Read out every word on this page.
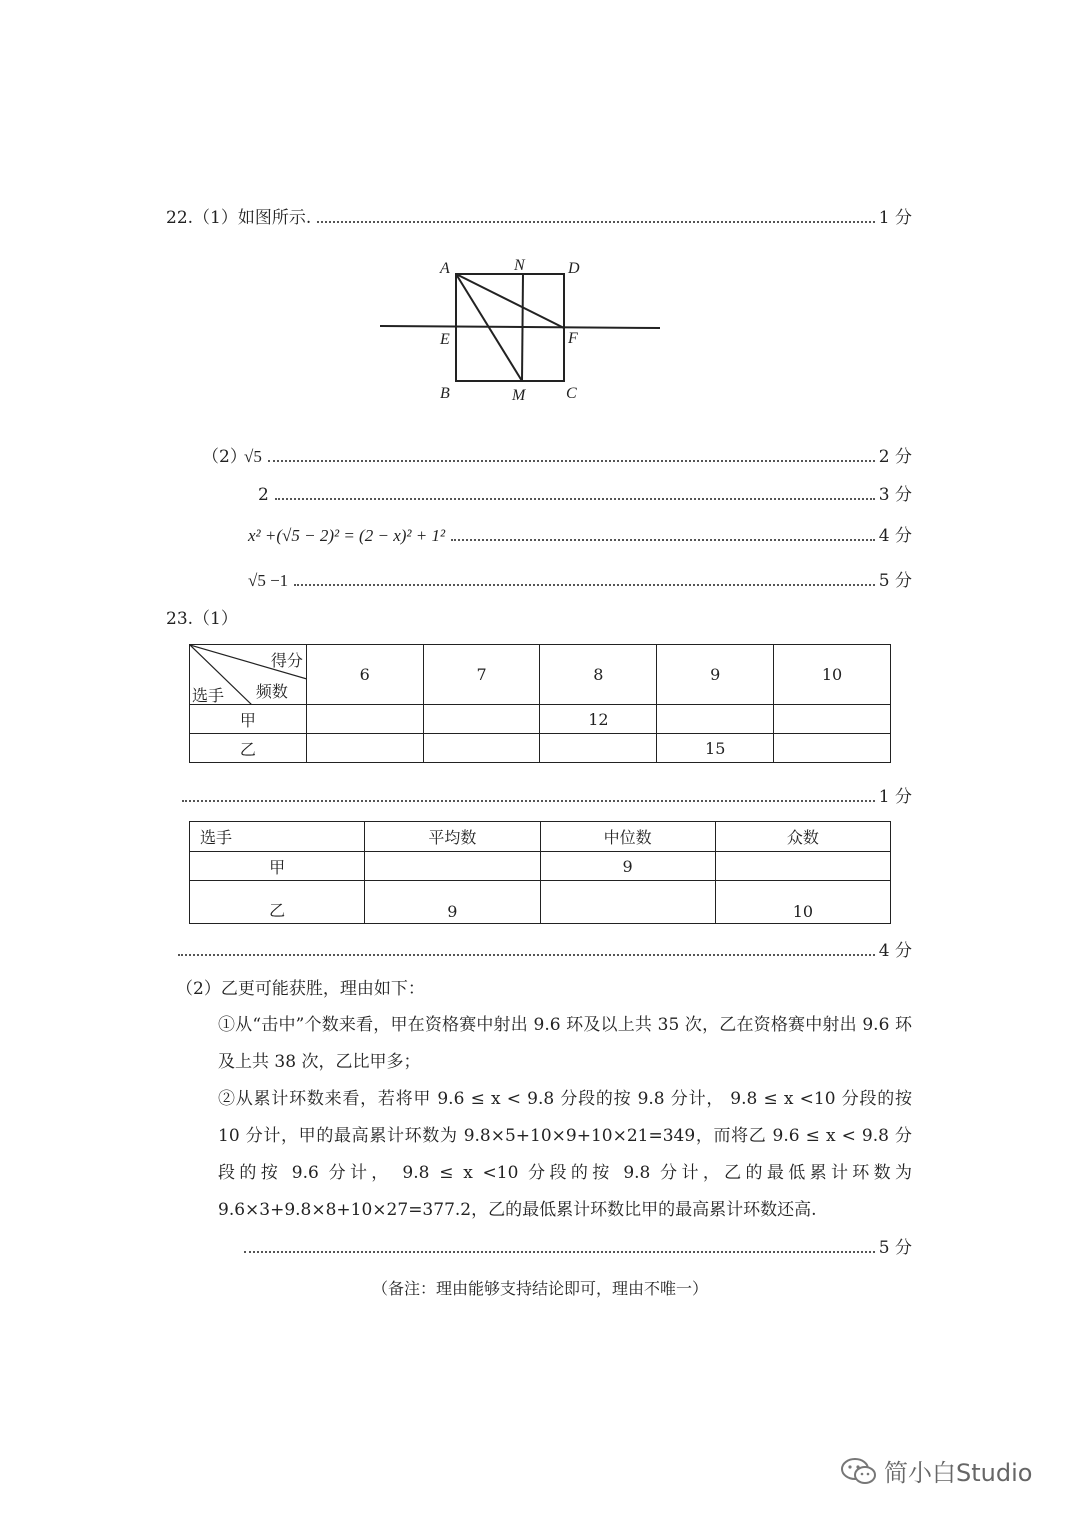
22.（1）如图所示.	1 分
A	N	D
E	F
B	M	C
（2）
√5	2 分
2	3 分
x² +(√5 − 2)² = (2 − x)² + 1²	4 分
√5 −1	5 分
23.（1）
得分
频数
选手	6	7	8	9	10
甲			12		
乙				15	
1 分
选手	平均数	中位数	众数
甲		9	
乙	9		10
4 分
（2）乙更可能获胜，理由如下：
①从“击中”个数来看，甲在资格赛中射出 9.6 环及以上共 35 次，乙在资格赛中射出 9.6 环及上共 38 次，乙比甲多；
②从累计环数来看，若将甲 9.6 ≤ x < 9.8 分段的按 9.8 分计， 9.8 ≤ x <10 分段的按 10 分计，甲的最高累计环数为 9.8×5+10×9+10×21=349，而将乙 9.6 ≤ x < 9.8 分段的按 9.6 分计， 9.8 ≤ x <10 分段的按 9.8 分计，乙的最低累计环数为 9.6×3+9.8×8+10×27=377.2，乙的最低累计环数比甲的最高累计环数还高.
5 分
（备注：理由能够支持结论即可，理由不唯一）
简小白Studio
